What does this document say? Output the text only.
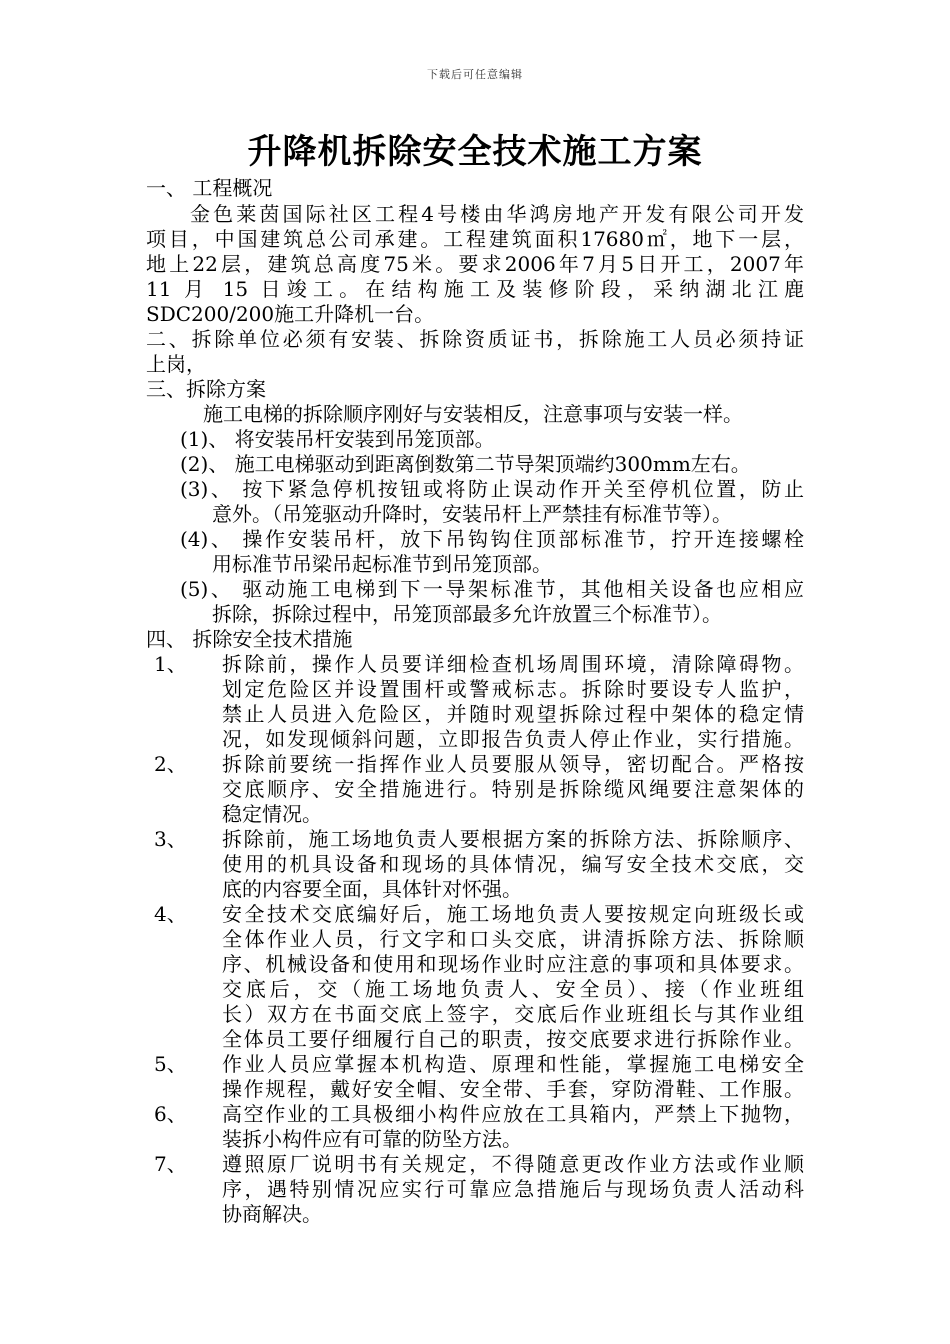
下载后可任意编辑
升降机拆除安全技术施工方案
一、 工程概况
金色莱茵国际社区工程4号楼由华鸿房地产开发有限公司开发
项目，中国建筑总公司承建。工程建筑面积17680㎡，地下一层，
地上22层，建筑总高度75米。要求2006年7月5日开工，2007年
11 月 15 日竣工。在结构施工及装修阶段，采纳湖北江鹿
SDC200/200施工升降机一台。
二、拆除单位必须有安装、拆除资质证书，拆除施工人员必须持证
上岗，
三、拆除方案
施工电梯的拆除顺序刚好与安装相反，注意事项与安装一样。
(1)、 将安装吊杆安装到吊笼顶部。
(2)、 施工电梯驱动到距离倒数第二节导架顶端约300mm左右。
(3)、 按下紧急停机按钮或将防止误动作开关至停机位置，防止
意外。（吊笼驱动升降时，安装吊杆上严禁挂有标准节等）。
(4)、 操作安装吊杆，放下吊钩钩住顶部标准节，拧开连接螺栓
用标准节吊梁吊起标准节到吊笼顶部。
(5)、 驱动施工电梯到下一导架标准节，其他相关设备也应相应
拆除，拆除过程中，吊笼顶部最多允许放置三个标准节）。
四、 拆除安全技术措施
1、 拆除前，操作人员要详细检查机场周围环境，清除障碍物。
划定危险区并设置围杆或警戒标志。拆除时要设专人监护，
禁止人员进入危险区，并随时观望拆除过程中架体的稳定情
况，如发现倾斜问题，立即报告负责人停止作业，实行措施。
2、 拆除前要统一指挥作业人员要服从领导，密切配合。严格按
交底顺序、安全措施进行。特别是拆除缆风绳要注意架体的
稳定情况。
3、 拆除前，施工场地负责人要根据方案的拆除方法、拆除顺序、
使用的机具设备和现场的具体情况，编写安全技术交底，交
底的内容要全面，具体针对怀强。
4、 安全技术交底编好后，施工场地负责人要按规定向班级长或
全体作业人员，行文字和口头交底，讲清拆除方法、拆除顺
序、机械设备和使用和现场作业时应注意的事项和具体要求。
交底后，交（施工场地负责人、安全员）、接（作业班组
长）双方在书面交底上签字，交底后作业班组长与其作业组
全体员工要仔细履行自己的职责，按交底要求进行拆除作业。
5、 作业人员应掌握本机构造、原理和性能，掌握施工电梯安全
操作规程，戴好安全帽、安全带、手套，穿防滑鞋、工作服。
6、 高空作业的工具极细小构件应放在工具箱内，严禁上下抛物，
装拆小构件应有可靠的防坠方法。
7、 遵照原厂说明书有关规定，不得随意更改作业方法或作业顺
序，遇特别情况应实行可靠应急措施后与现场负责人活动科
协商解决。
